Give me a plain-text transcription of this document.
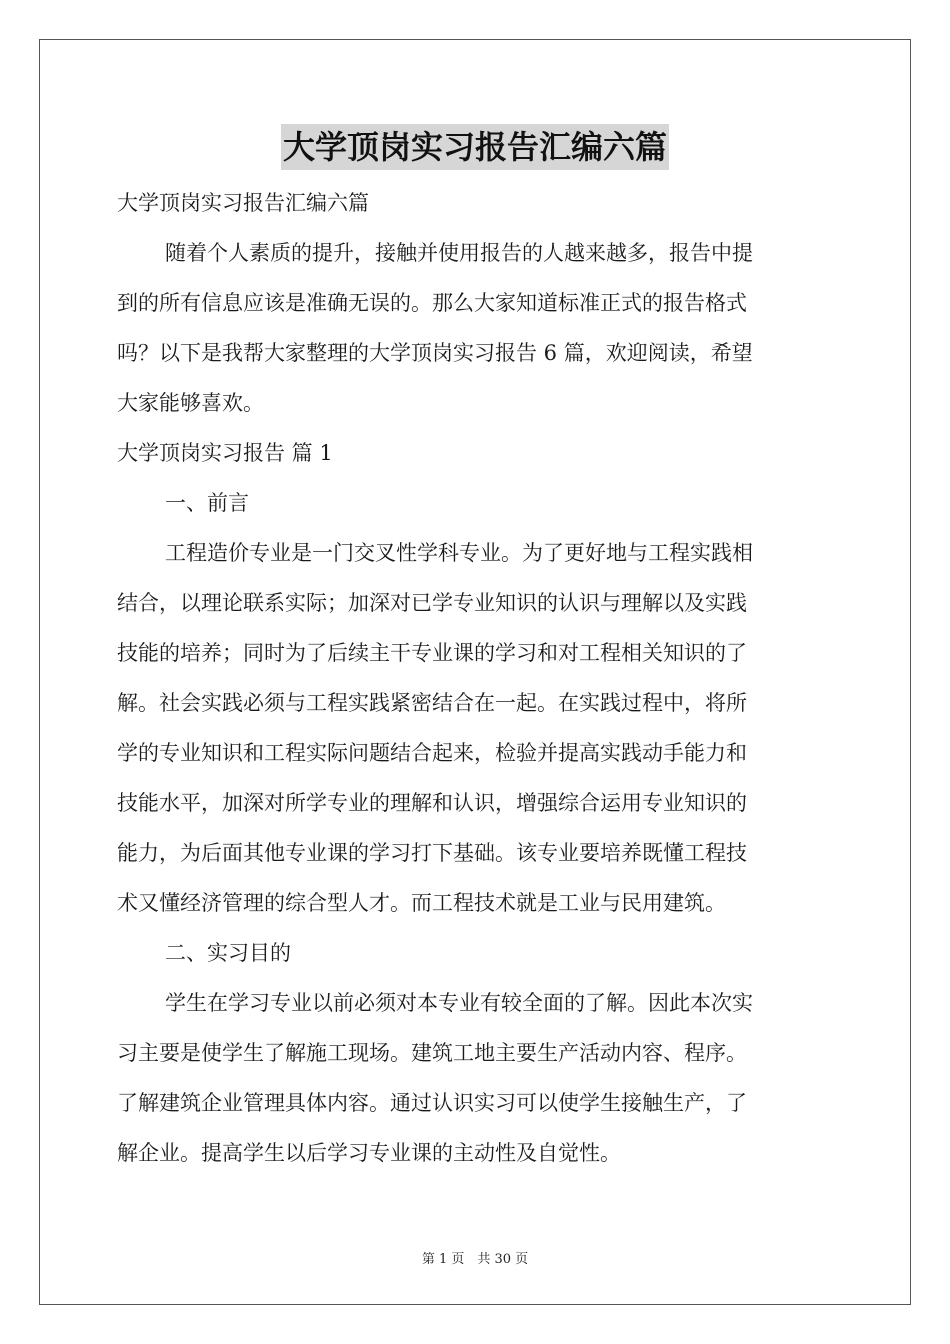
大学顶岗实习报告汇编六篇
大学顶岗实习报告汇编六篇
随着个人素质的提升，接触并使用报告的人越来越多，报告中提
到的所有信息应该是准确无误的。那么大家知道标准正式的报告格式
吗？以下是我帮大家整理的大学顶岗实习报告 6 篇，欢迎阅读，希望
大家能够喜欢。
大学顶岗实习报告 篇 1
一、前言
工程造价专业是一门交叉性学科专业。为了更好地与工程实践相
结合，以理论联系实际；加深对已学专业知识的认识与理解以及实践
技能的培养；同时为了后续主干专业课的学习和对工程相关知识的了
解。社会实践必须与工程实践紧密结合在一起。在实践过程中，将所
学的专业知识和工程实际问题结合起来，检验并提高实践动手能力和
技能水平，加深对所学专业的理解和认识，增强综合运用专业知识的
能力，为后面其他专业课的学习打下基础。该专业要培养既懂工程技
术又懂经济管理的综合型人才。而工程技术就是工业与民用建筑。
二、实习目的
学生在学习专业以前必须对本专业有较全面的了解。因此本次实
习主要是使学生了解施工现场。建筑工地主要生产活动内容、程序。
了解建筑企业管理具体内容。通过认识实习可以使学生接触生产，了
解企业。提高学生以后学习专业课的主动性及自觉性。
第 1 页　共 30 页
